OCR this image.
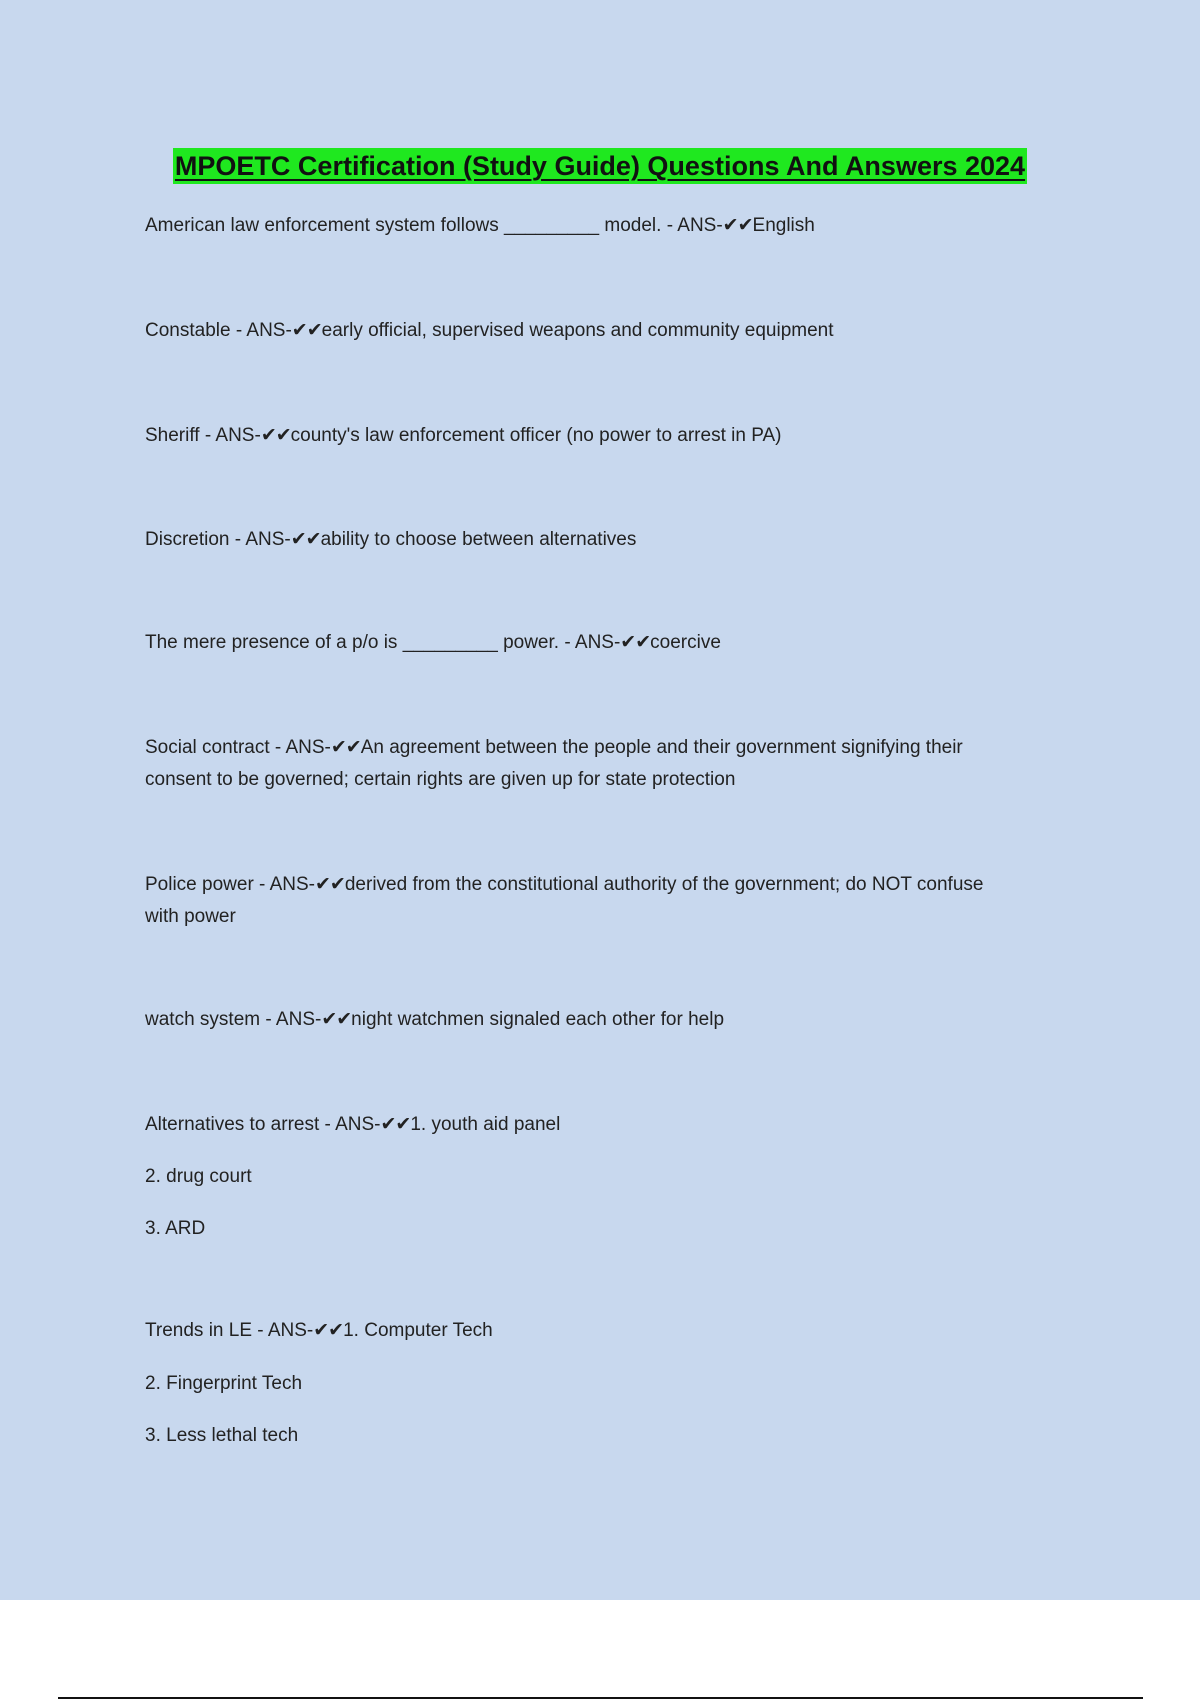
MPOETC Certification (Study Guide) Questions And Answers 2024
American law enforcement system follows _________ model. - ANS-✔✔English
Constable - ANS-✔✔early official, supervised weapons and community equipment
Sheriff - ANS-✔✔county's law enforcement officer (no power to arrest in PA)
Discretion - ANS-✔✔ability to choose between alternatives
The mere presence of a p/o is _________ power. - ANS-✔✔coercive
Social contract - ANS-✔✔An agreement between the people and their government signifying their
consent to be governed; certain rights are given up for state protection
Police power - ANS-✔✔derived from the constitutional authority of the government; do NOT confuse
with power
watch system - ANS-✔✔night watchmen signaled each other for help
Alternatives to arrest - ANS-✔✔1. youth aid panel
2. drug court
3. ARD
Trends in LE - ANS-✔✔1. Computer Tech
2. Fingerprint Tech
3. Less lethal tech
